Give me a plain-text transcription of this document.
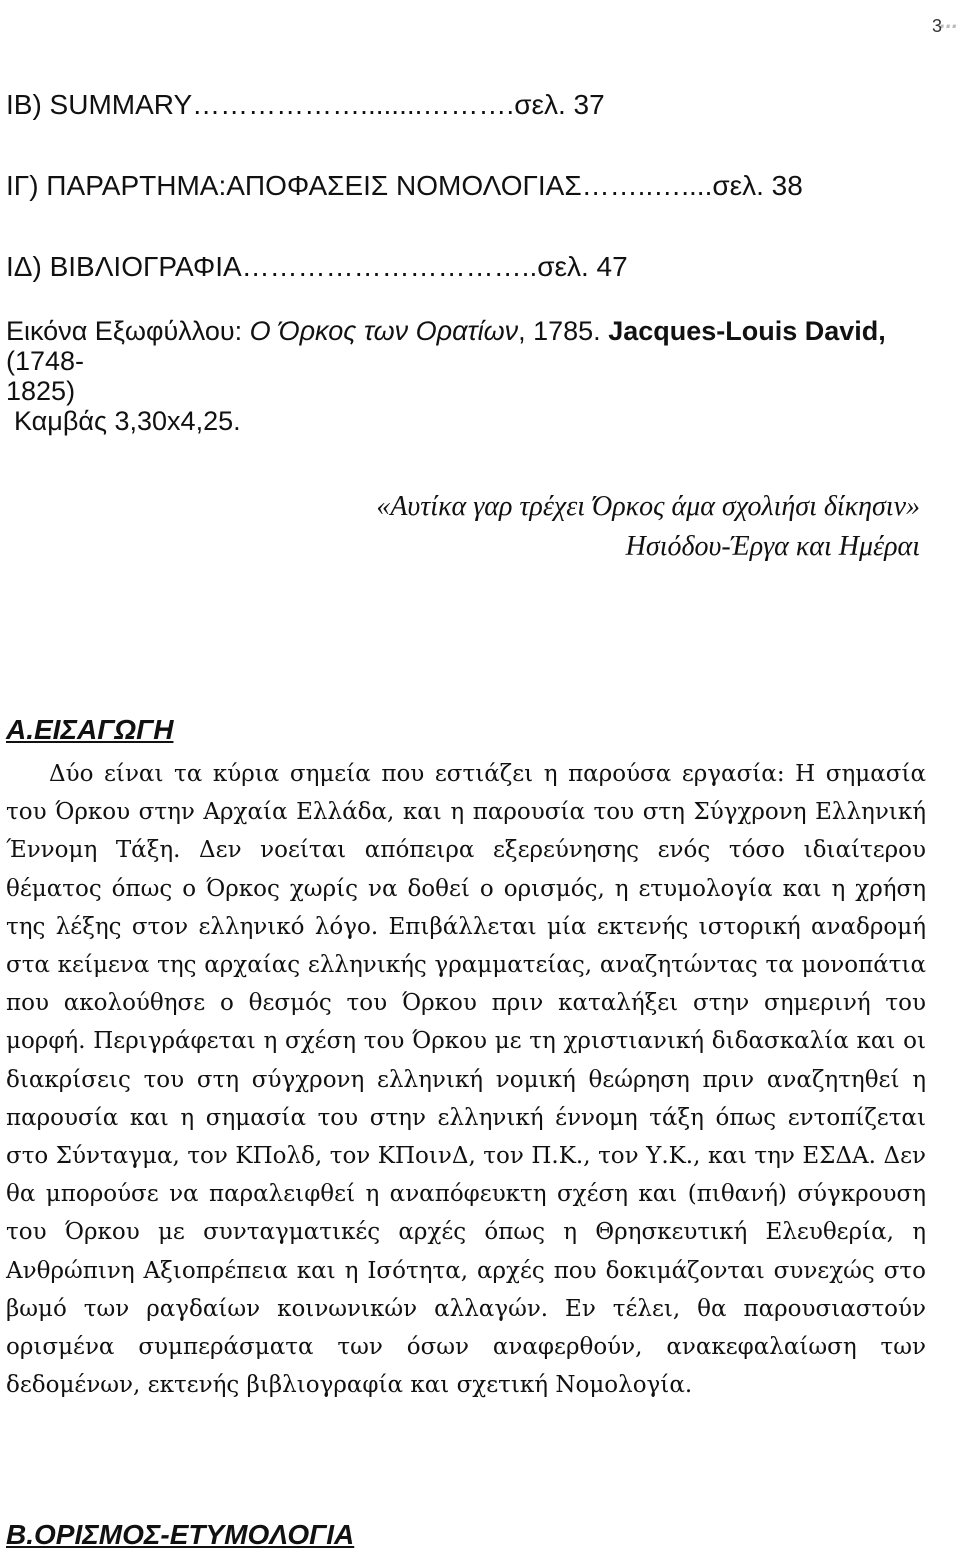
...
3
ΙΒ) SUMMARY………………........……….σελ. 37
ΙΓ) ΠΑΡΑΡΤΗΜΑ:ΑΠΟΦΑΣΕΙΣ ΝΟΜΟΛΟΓΙΑΣ……..…....σελ. 38
ΙΔ) ΒΙΒΛΙΟΓΡΑΦΙΑ…………………………..σελ. 47
Εικόνα Εξωφύλλου: Ο Όρκος των Ορατίων, 1785. Jacques-Louis David, (1748-
1825)
Καμβάς 3,30x4,25.
«Αυτίκα γαρ τρέχει Όρκος άμα σχολιήσι δίκησιν»
Ησιόδου-Έργα και Ημέραι
Α.ΕΙΣΑΓΩΓΗ

Δύο είναι τα κύρια σημεία που εστιάζει η παρούσα εργασία: Η σημασία του Όρκου στην Αρχαία Ελλάδα, και η παρουσία του στη Σύγχρονη Ελληνική Έννομη Τάξη. Δεν νοείται απόπειρα εξερεύνησης ενός τόσο ιδιαίτερου θέματος όπως ο Όρκος χωρίς να δοθεί ο ορισμός, η ετυμολογία και η χρήση της λέξης στον ελληνικό λόγο. Επιβάλλεται μία εκτενής ιστορική αναδρομή στα κείμενα της αρχαίας ελληνικής γραμματείας, αναζητώντας τα μονοπάτια που ακολούθησε ο θεσμός του Όρκου πριν καταλήξει στην σημερινή του μορφή. Περιγράφεται η σχέση του Όρκου με τη χριστιανική διδασκαλία και οι διακρίσεις του στη σύγχρονη ελληνική νομική θεώρηση πριν αναζητηθεί η παρουσία και η σημασία του στην ελληνική έννομη τάξη όπως εντοπίζεται στο Σύνταγμα, τον ΚΠολδ, τον ΚΠοινΔ, τον Π.Κ., τον Υ.Κ., και την ΕΣΔΑ. Δεν θα μπορούσε να παραλειφθεί η αναπόφευκτη σχέση και (πιθανή) σύγκρουση του Όρκου με συνταγματικές αρχές όπως η Θρησκευτική Ελευθερία, η Ανθρώπινη Αξιοπρέπεια και η Ισότητα, αρχές που δοκιμάζονται συνεχώς στο βωμό των ραγδαίων κοινωνικών αλλαγών. Εν τέλει, θα παρουσιαστούν ορισμένα συμπεράσματα των όσων αναφερθούν, ανακεφαλαίωση των δεδομένων, εκτενής βιβλιογραφία και σχετική Νομολογία.

Β.ΟΡΙΣΜΟΣ-ΕΤΥΜΟΛΟΓΙΑ
